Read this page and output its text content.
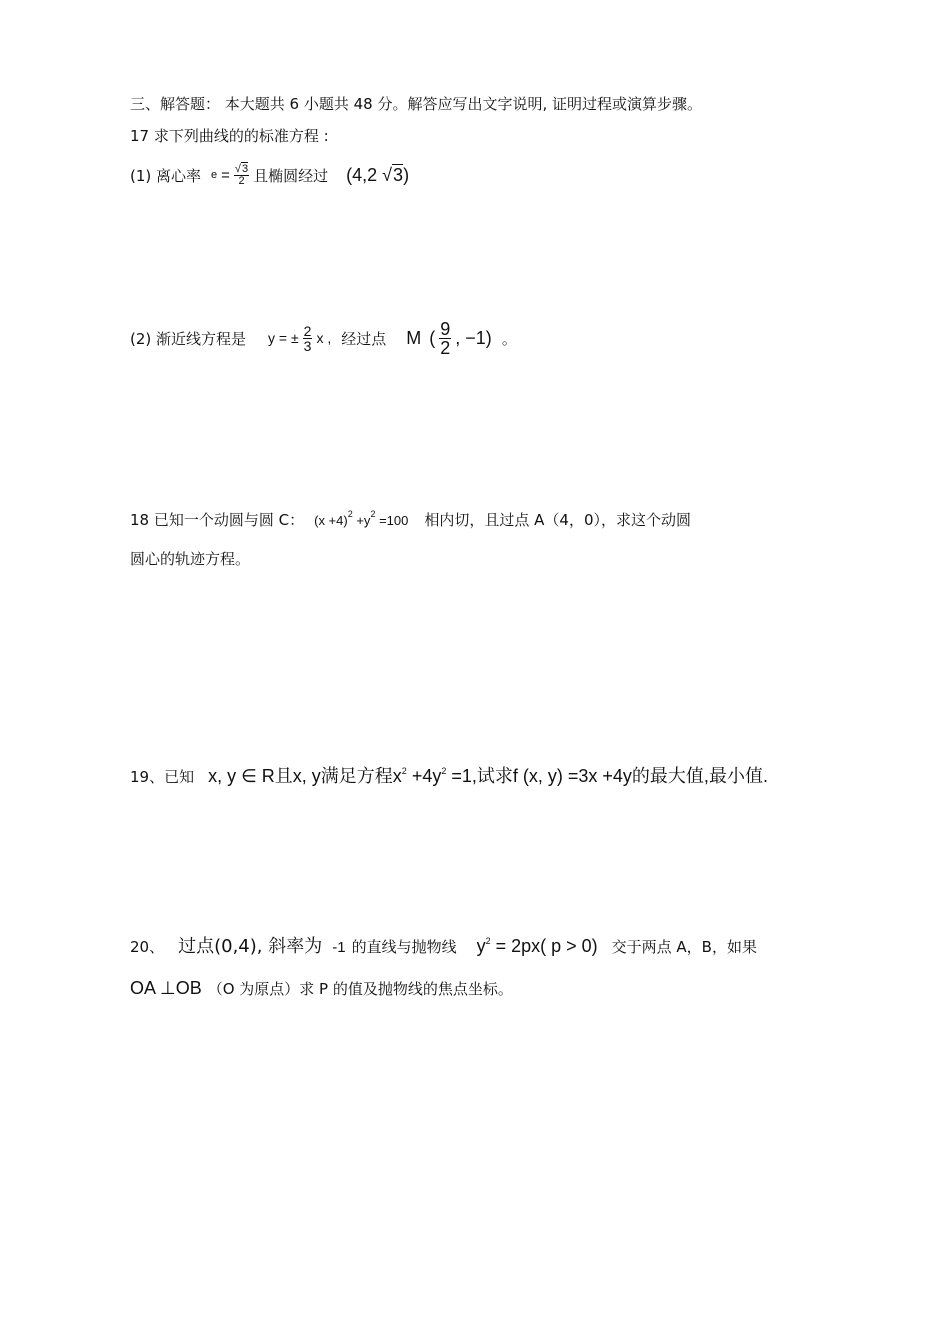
三、解答题： 本大题共 6 小题共 48 分。解答应写出文字说明, 证明过程或演算步骤。
17 求下列曲线的的标准方程 :
(1) 离心率 $e = \frac{√3}{2}$ 且椭圆经过 (4,2 √3)
(2) 渐近线方程是 y = ± $\frac{2}{3}$ x , 经过点 M ( $\frac{9}{2}$ , −1) 。
18 已知一个动圆与圆 C： $(x +4)^2 +y^2 =100$ 相内切，且过点 A（4，0），求这个动圆
圆心的轨迹方程。
19、已知 x, y ∈ R且x, y满足方程$x^2 +4y^2 =1$,试求f (x, y) =3x +4y的最大值,最小值.
20、 过点(0,4), 斜率为 -1 的直线与抛物线 $y^2 = 2px$( p > 0) 交于两点 A，B，如果
OA ⊥OB （O 为原点）求 P 的值及抛物线的焦点坐标。
